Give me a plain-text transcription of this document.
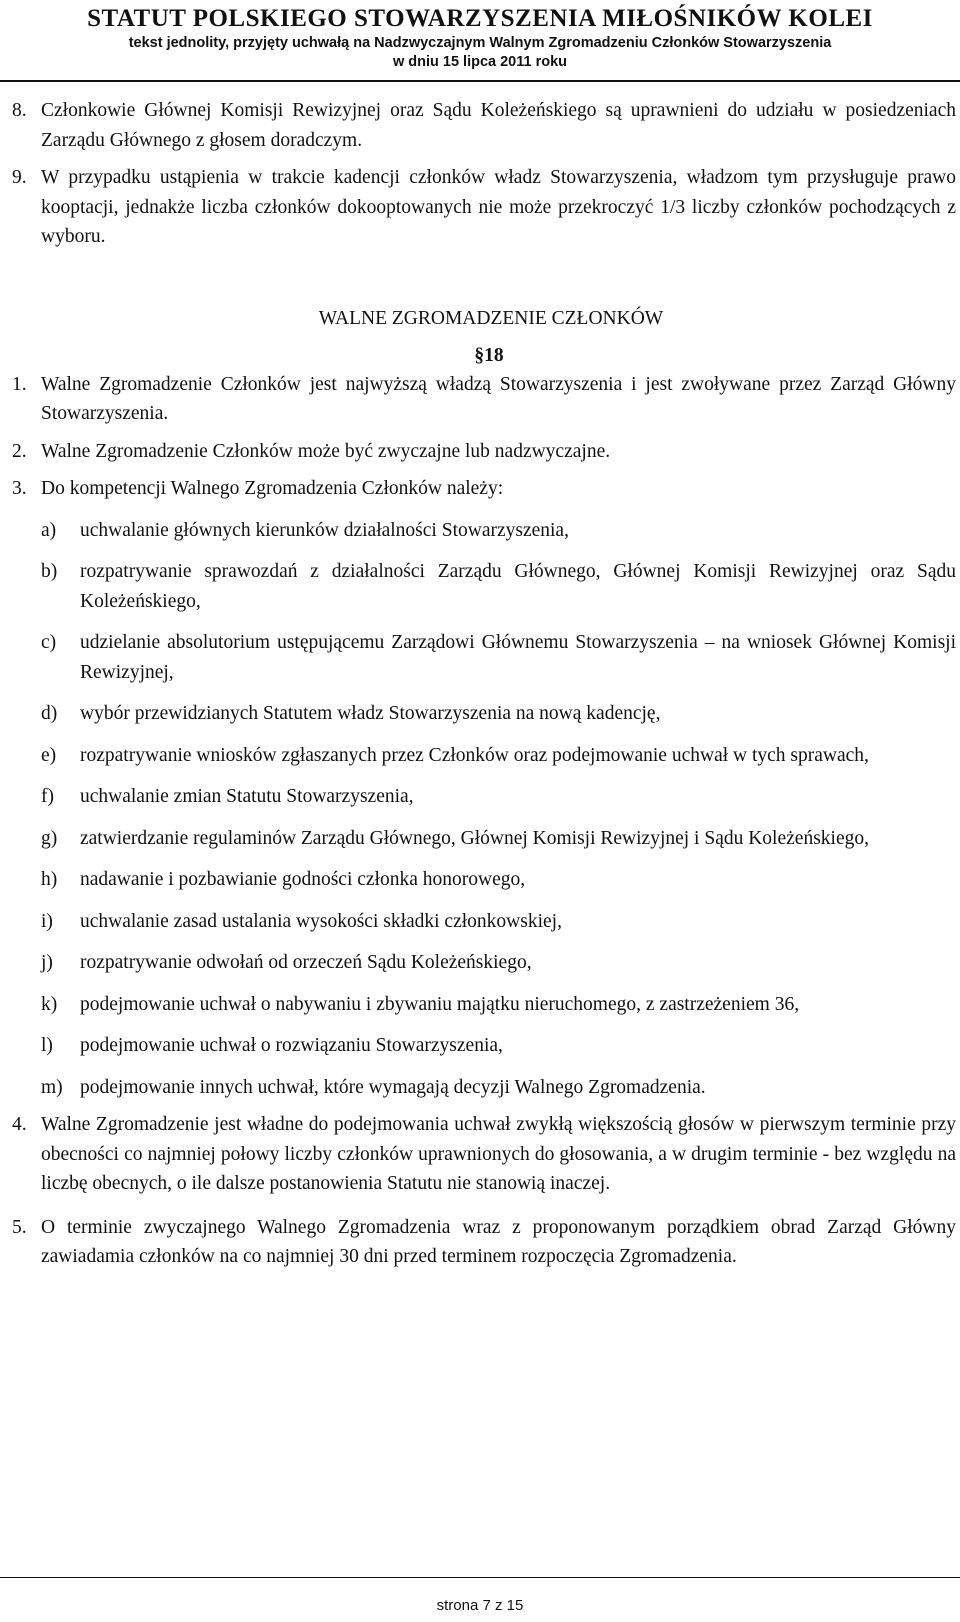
STATUT POLSKIEGO STOWARZYSZENIA MIŁOŚNIKÓW KOLEI
tekst jednolity, przyjęty uchwałą na Nadzwyczajnym Walnym Zgromadzeniu Członków Stowarzyszenia
w dniu 15 lipca 2011 roku
8. Członkowie Głównej Komisji Rewizyjnej oraz Sądu Koleżeńskiego są uprawnieni do udziału w posiedzeniach Zarządu Głównego z głosem doradczym.
9. W przypadku ustąpienia w trakcie kadencji członków władz Stowarzyszenia, władzom tym przysługuje prawo kooptacji, jednakże liczba członków dokooptowanych nie może przekroczyć 1/3 liczby członków pochodzących z wyboru.
WALNE ZGROMADZENIE CZŁONKÓW
§18
1. Walne Zgromadzenie Członków jest najwyższą władzą Stowarzyszenia i jest zwoływane przez Zarząd Główny Stowarzyszenia.
2. Walne Zgromadzenie Członków może być zwyczajne lub nadzwyczajne.
3. Do kompetencji Walnego Zgromadzenia Członków należy:
a) uchwalanie głównych kierunków działalności Stowarzyszenia,
b) rozpatrywanie sprawozdań z działalności Zarządu Głównego, Głównej Komisji Rewizyjnej oraz Sądu Koleżeńskiego,
c) udzielanie absolutorium ustępującemu Zarządowi Głównemu Stowarzyszenia – na wniosek Głównej Komisji Rewizyjnej,
d) wybór przewidzianych Statutem władz Stowarzyszenia na nową kadencję,
e) rozpatrywanie wniosków zgłaszanych przez Członków oraz podejmowanie uchwał w tych sprawach,
f) uchwalanie zmian Statutu Stowarzyszenia,
g) zatwierdzanie regulaminów Zarządu Głównego, Głównej Komisji Rewizyjnej i Sądu Koleżeńskiego,
h) nadawanie i pozbawianie godności członka honorowego,
i) uchwalanie zasad ustalania wysokości składki członkowskiej,
j) rozpatrywanie odwołań od orzeczeń Sądu Koleżeńskiego,
k) podejmowanie uchwał o nabywaniu i zbywaniu majątku nieruchomego, z zastrzeżeniem 36,
l) podejmowanie uchwał o rozwiązaniu Stowarzyszenia,
m) podejmowanie innych uchwał, które wymagają decyzji Walnego Zgromadzenia.
4. Walne Zgromadzenie jest władne do podejmowania uchwał zwykłą większością głosów w pierwszym terminie przy obecności co najmniej połowy liczby członków uprawnionych do głosowania, a w drugim terminie - bez względu na liczbę obecnych, o ile dalsze postanowienia Statutu nie stanowią inaczej.
5. O terminie zwyczajnego Walnego Zgromadzenia wraz z proponowanym porządkiem obrad Zarząd Główny zawiadamia członków na co najmniej 30 dni przed terminem rozpoczęcia Zgromadzenia.
strona 7 z 15
